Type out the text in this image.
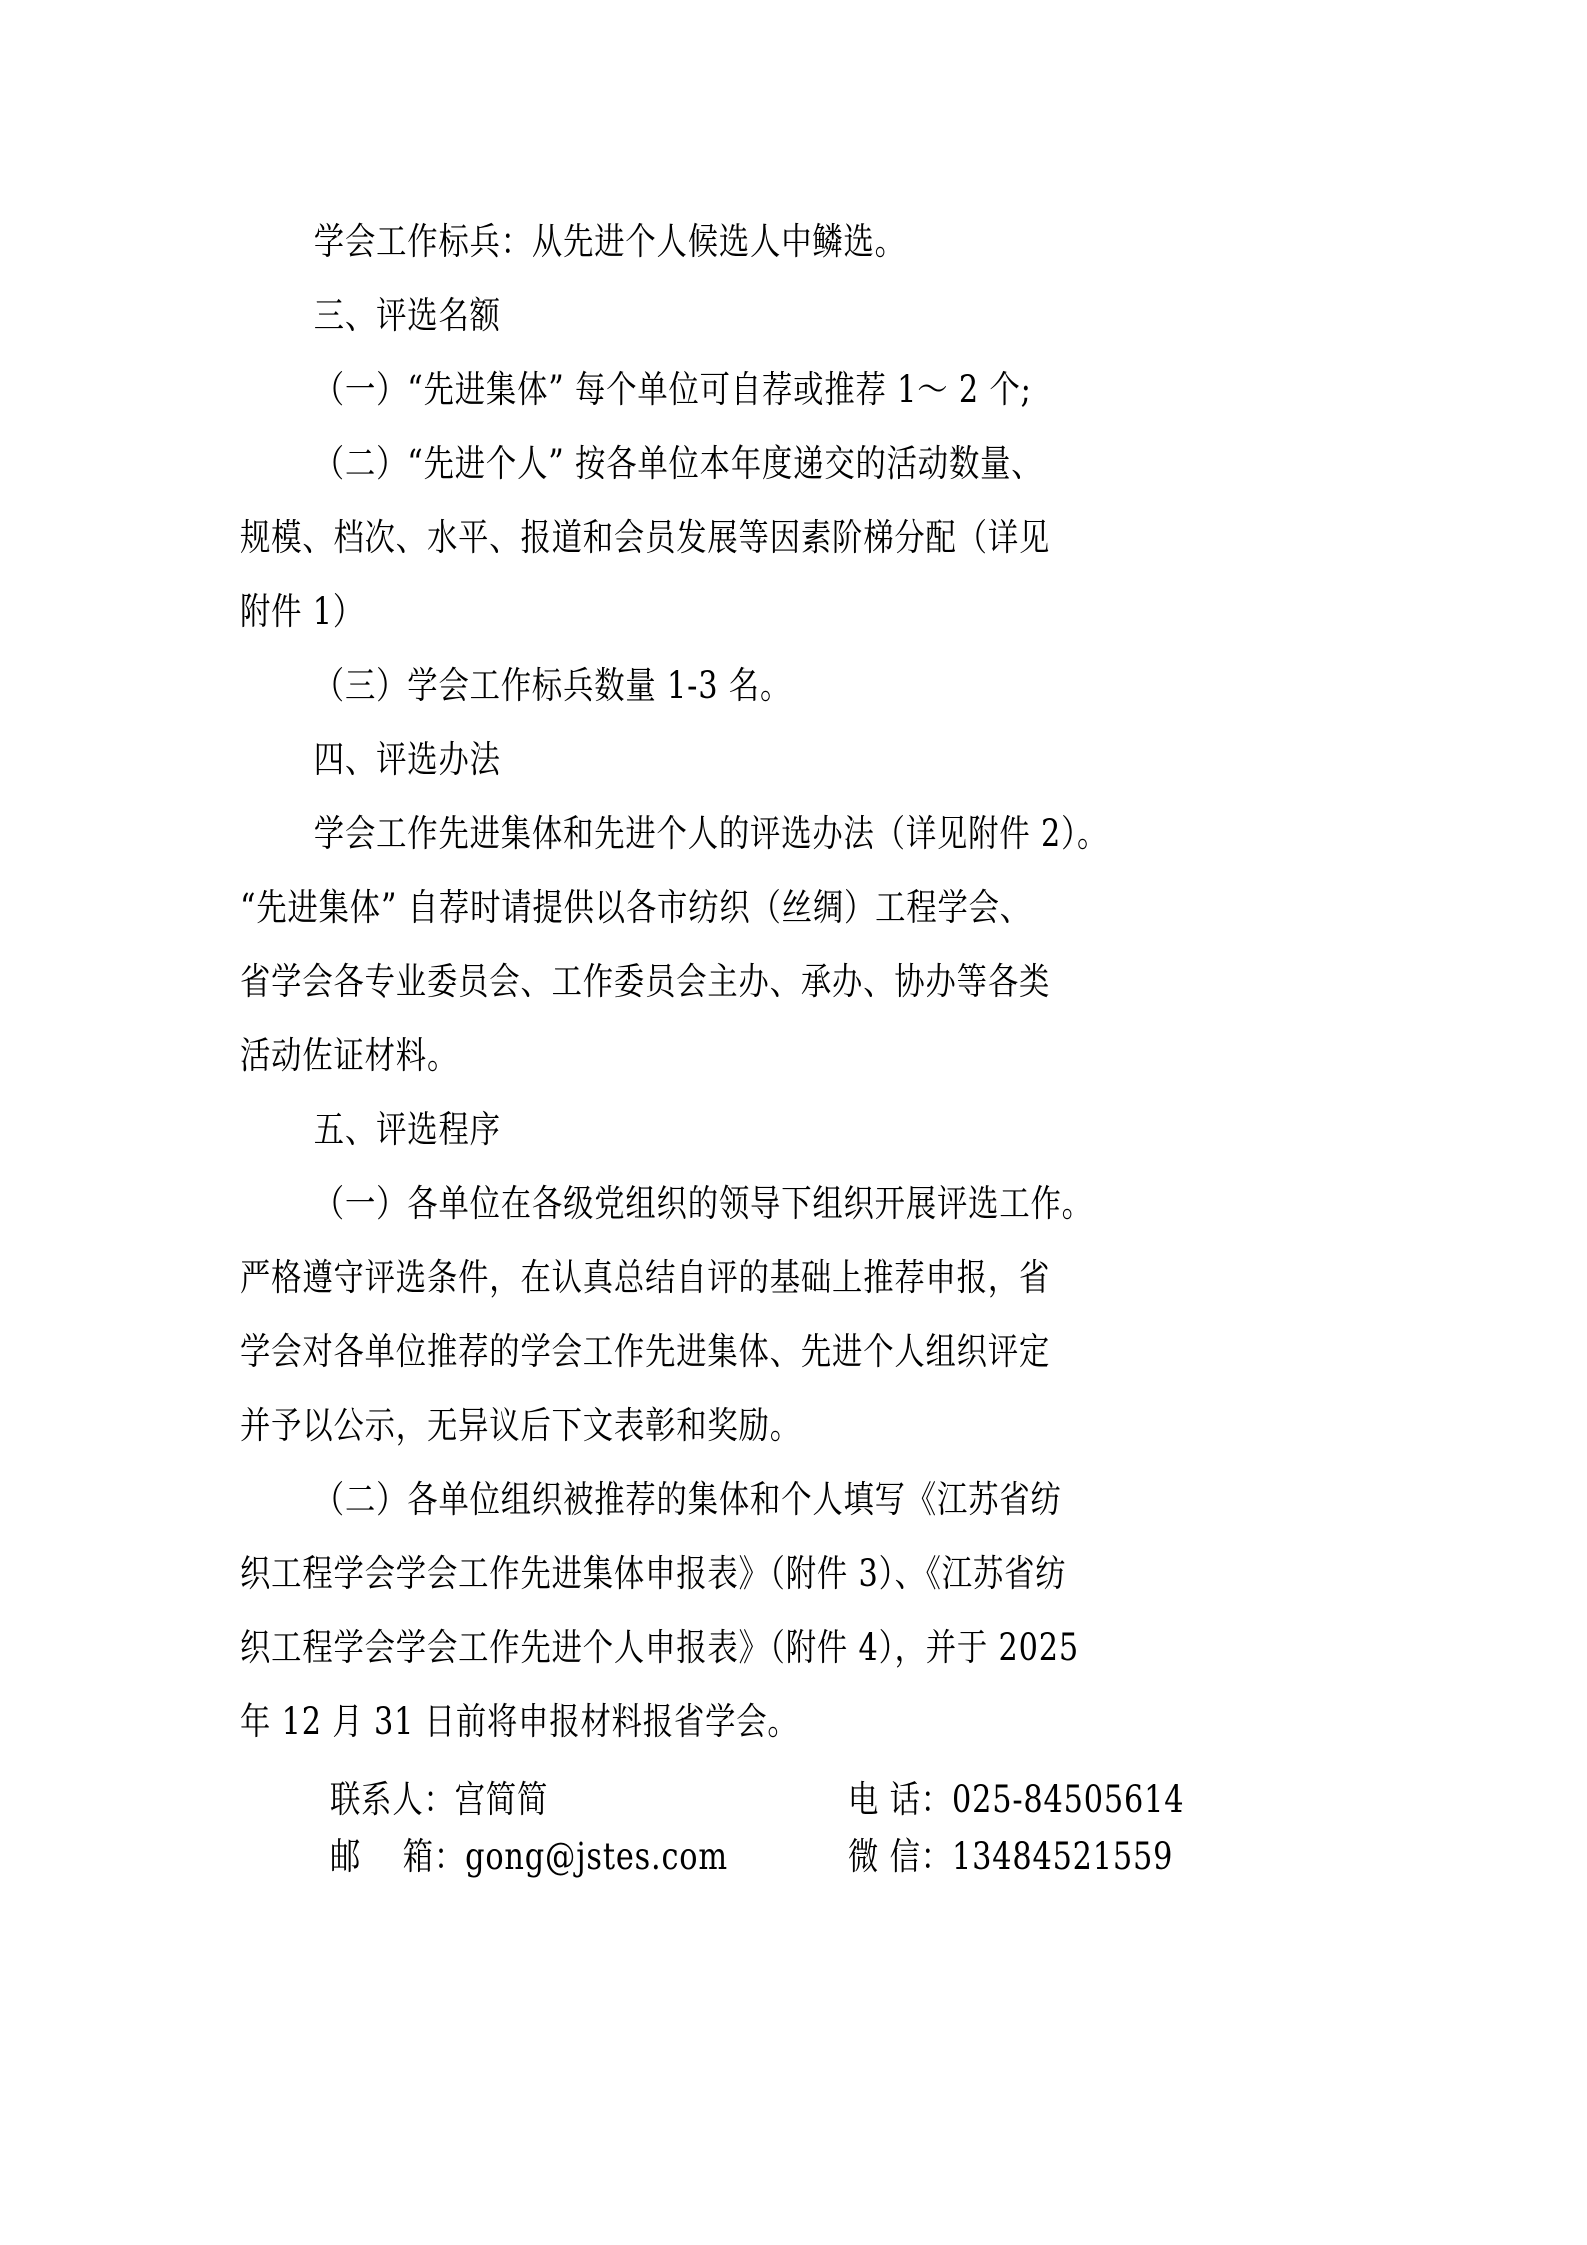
学会工作标兵：从先进个人候选人中鳞选。
三、评选名额
（一）“先进集体” 每个单位可自荐或推荐 1～ 2 个;
（二）“先进个人” 按各单位本年度递交的活动数量、
规模、档次、水平、报道和会员发展等因素阶梯分配（详见
附件 1）
（三）学会工作标兵数量 1-3 名。
四、评选办法
学会工作先进集体和先进个人的评选办法（详见附件 2）。
“先进集体” 自荐时请提供以各市纺织（丝绸）工程学会、
省学会各专业委员会、工作委员会主办、承办、协办等各类
活动佐证材料。
五、评选程序
（一）各单位在各级党组织的领导下组织开展评选工作。
严格遵守评选条件，在认真总结自评的基础上推荐申报，省
学会对各单位推荐的学会工作先进集体、先进个人组织评定
并予以公示，无异议后下文表彰和奖励。
（二）各单位组织被推荐的集体和个人填写《江苏省纺
织工程学会学会工作先进集体申报表》（附件 3）、《江苏省纺
织工程学会学会工作先进个人申报表》（附件 4），并于 2025
年 12 月 31 日前将申报材料报省学会。
联系人：宫简简	电 话：025-84505614
邮　 箱：gong@jstes.com	微 信：13484521559
